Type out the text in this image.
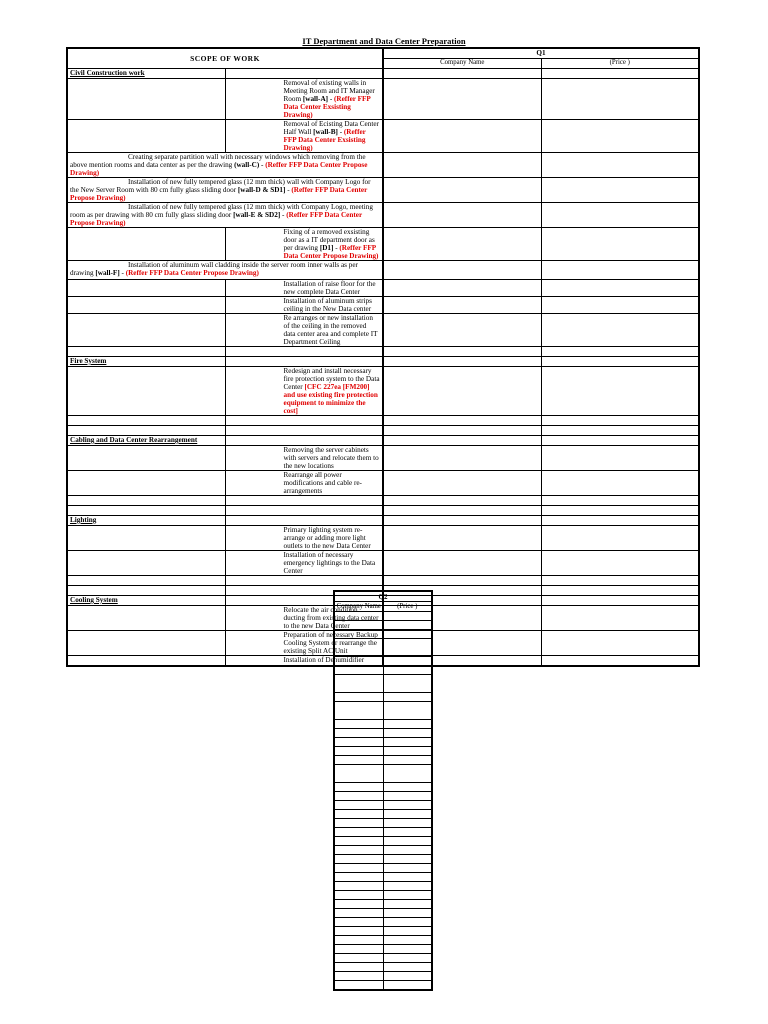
IT Department and Data Center Preparation
SCOPE OF WORK		Q1	
		Company Name	(Price )
Civil Construction work			
	Removal of existing walls in Meeting Room and IT Manager Room [wall-A] - (Reffer FFP Data Center Exsisting Drawing)		
	Removal of Ecisting Data Center Half Wall [wall-B] - (Reffer FFP Data Center Exsisting Drawing)		
Creating separate partition wall with necessary windows which removing from the above mention rooms and data center as per the drawing (wall-C) - (Reffer FFP Data Center Propose Drawing)			
Installation of new fully tempered glass (12 mm thick) wall with Company Logo for the New Server Room with 80 cm fully glass sliding door [wall-D & SD1] - (Reffer FFP Data Center Propose Drawing)			
Installation of new fully tempered glass (12 mm thick) with Company Logo, meeting room as per drawing with 80 cm fully glass sliding door [wall-E & SD2] - (Reffer FFP Data Center Propose Drawing)			
	Fixing of a removed exsisting door as a IT department door as per drawing [D1] - (Reffer FFP Data Center Propose Drawing)		
Installation of aluminum wall cladding inside the server room inner walls as per drawing [wall-F] - (Reffer FFP Data Center Propose Drawing)			
	Installation of raise floor for the new complete Data Center		
	Installation of aluminum strips ceiling in the New Data center		
	Re arranges or new installation of the ceiling in the removed data center area and complete IT Department Ceiling		

Fire System			
	Redesign and install necessary fire protection system to the Data Center [CFC 227ea [FM200] and use existing fire protection equipment to minimize the cost]		

Cabling and Data Center Rearrangement			
	Removing the server cabinets with servers and relocate them to the new locations		
	Rearrange all power modifications and cable re-arrangements		

Lighting			
	Primary lighting system re-arrange or adding more light outlets to the new Data Center		
	Installation of necessary emergency lightings to the Data Center		

Cooling System			
	Relocate the air condition ducting from existing data center to the new Data Center		
	Preparation of necessary Backup Cooling System or rearrange the existing Split AC Unit		
	Installation of Dehumidifier		
Q2	
Company Name	(Price )
